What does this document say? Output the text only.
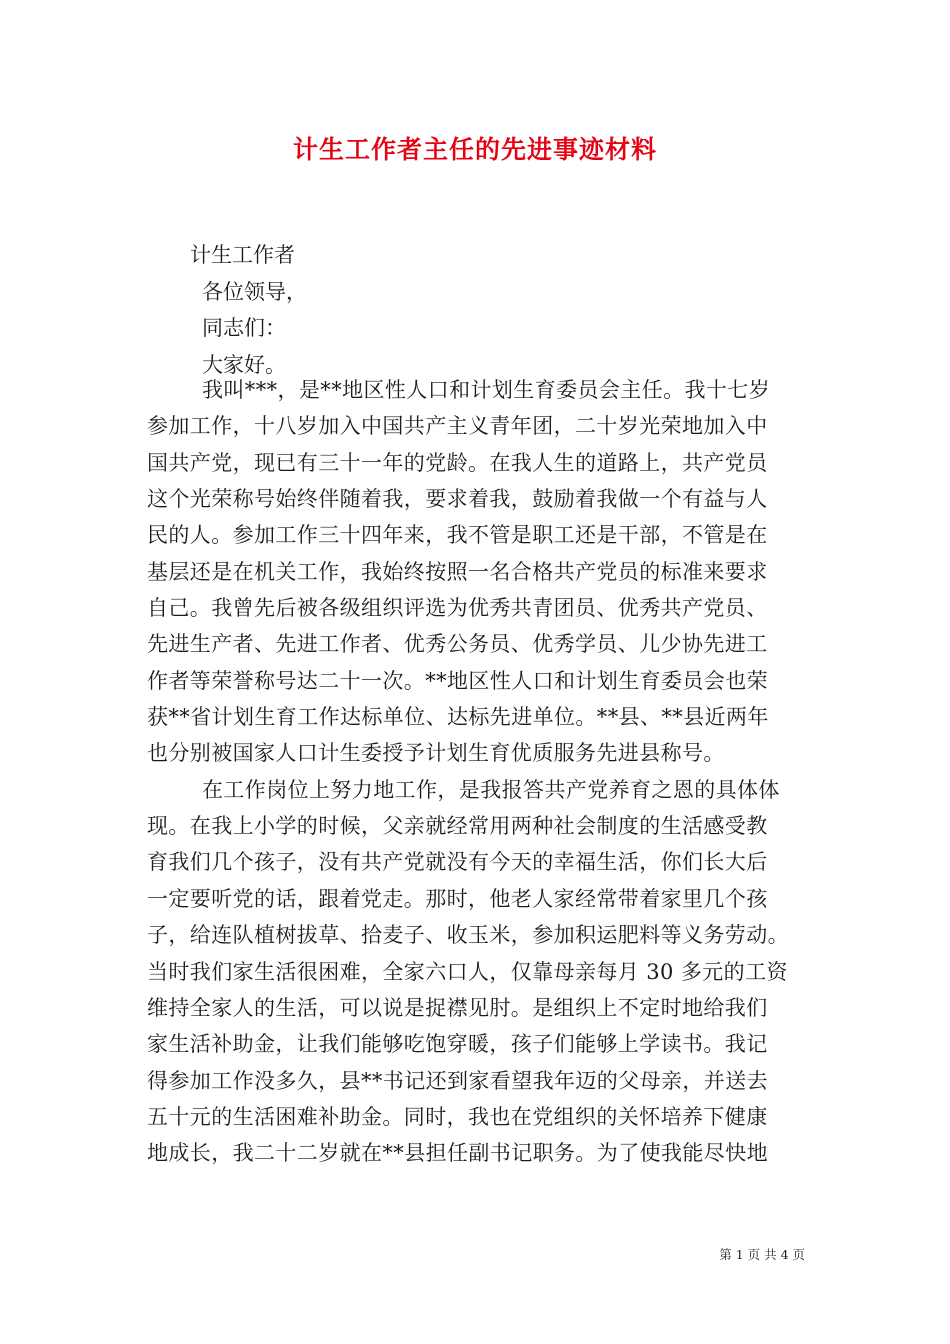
计生工作者主任的先进事迹材料
计生工作者
各位领导，
同志们：
大家好。
我叫***，是**地区性人口和计划生育委员会主任。我十七岁
参加工作，十八岁加入中国共产主义青年团，二十岁光荣地加入中
国共产党，现已有三十一年的党龄。在我人生的道路上，共产党员
这个光荣称号始终伴随着我，要求着我，鼓励着我做一个有益与人
民的人。参加工作三十四年来，我不管是职工还是干部，不管是在
基层还是在机关工作，我始终按照一名合格共产党员的标准来要求
自己。我曾先后被各级组织评选为优秀共青团员、优秀共产党员、
先进生产者、先进工作者、优秀公务员、优秀学员、儿少协先进工
作者等荣誉称号达二十一次。**地区性人口和计划生育委员会也荣
获**省计划生育工作达标单位、达标先进单位。**县、**县近两年
也分别被国家人口计生委授予计划生育优质服务先进县称号。
在工作岗位上努力地工作，是我报答共产党养育之恩的具体体
现。在我上小学的时候，父亲就经常用两种社会制度的生活感受教
育我们几个孩子，没有共产党就没有今天的幸福生活，你们长大后
一定要听党的话，跟着党走。那时，他老人家经常带着家里几个孩
子，给连队植树拔草、拾麦子、收玉米，参加积运肥料等义务劳动。
当时我们家生活很困难，全家六口人，仅靠母亲每月 30 多元的工资
维持全家人的生活，可以说是捉襟见肘。是组织上不定时地给我们
家生活补助金，让我们能够吃饱穿暖，孩子们能够上学读书。我记
得参加工作没多久，县**书记还到家看望我年迈的父母亲，并送去
五十元的生活困难补助金。同时，我也在党组织的关怀培养下健康
地成长，我二十二岁就在**县担任副书记职务。为了使我能尽快地
第 1 页 共 4 页
